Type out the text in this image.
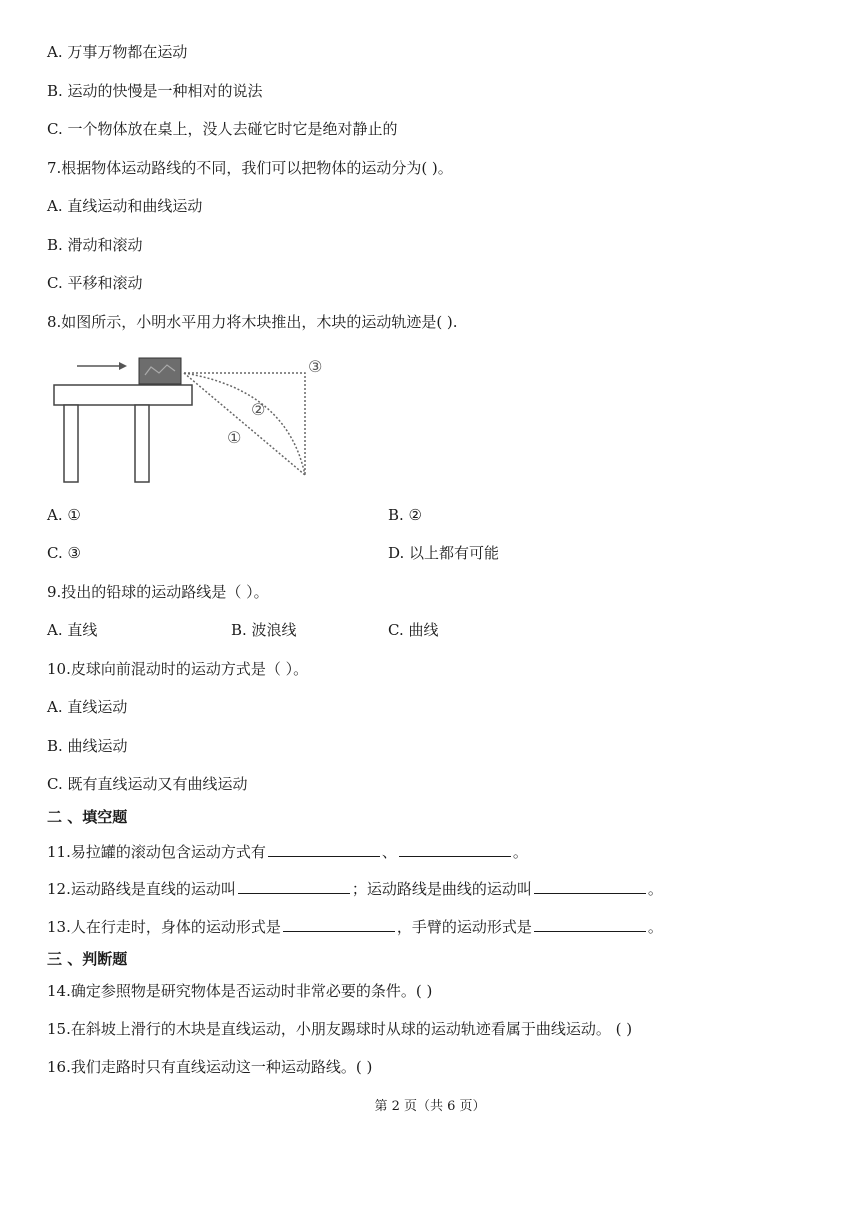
A. 万事万物都在运动
B. 运动的快慢是一种相对的说法
C. 一个物体放在桌上，没人去碰它时它是绝对静止的
7.根据物体运动路线的不同，我们可以把物体的运动分为( )。
A. 直线运动和曲线运动
B. 滑动和滚动
C. 平移和滚动
8.如图所示，小明水平用力将木块推出，木块的运动轨迹是( ).
①
②
③
A. ①	B. ②
C. ③	D. 以上都有可能
9.投出的铅球的运动路线是（ ）。
A. 直线	B. 波浪线	C. 曲线
10.皮球向前混动时的运动方式是（ ）。
A. 直线运动
B. 曲线运动
C. 既有直线运动又有曲线运动
二 、填空题
11.易拉罐的滚动包含运动方式有	、	。
12.运动路线是直线的运动叫	；运动路线是曲线的运动叫	。
13.人在行走时，身体的运动形式是	，手臂的运动形式是	。
三 、判断题
14.确定参照物是研究物体是否运动时非常必要的条件。( )
15.在斜坡上滑行的木块是直线运动，小朋友踢球时从球的运动轨迹看属于曲线运动。 ( )
16.我们走路时只有直线运动这一种运动路线。( )
第 2 页（共 6 页）
